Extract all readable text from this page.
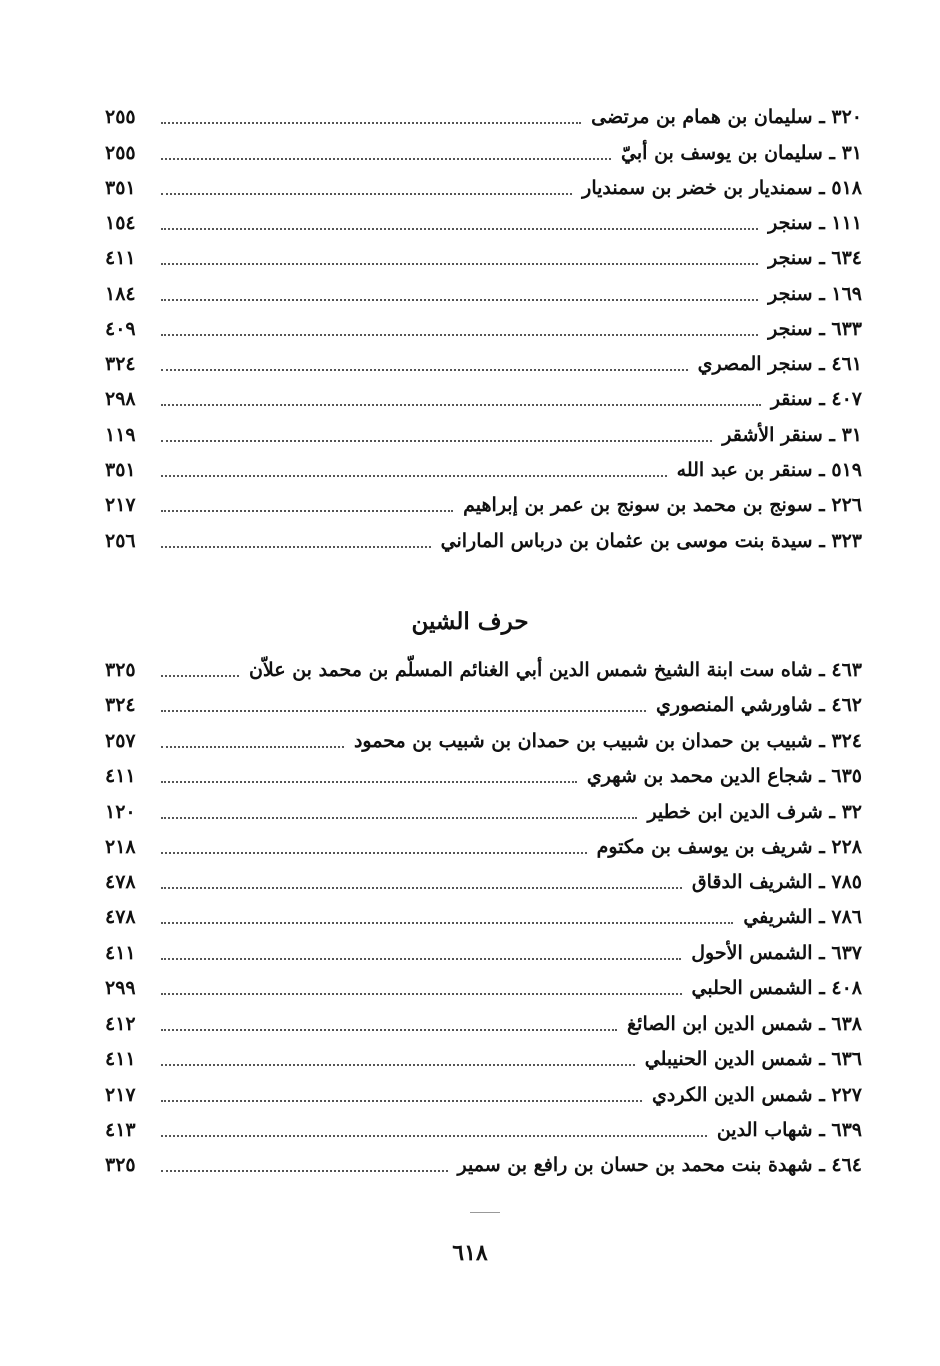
٣٢٠ ـ سليمان بن همام بن مرتضى
٢٥٥
٣١ ـ سليمان بن يوسف بن أبيّ
٢٥٥
٥١٨ ـ سمنديار بن خضر بن سمنديار
٣٥١
١١١ ـ سنجر
١٥٤
٦٣٤ ـ سنجر
٤١١
١٦٩ ـ سنجر
١٨٤
٦٣٣ ـ سنجر
٤٠٩
٤٦١ ـ سنجر المصري
٣٢٤
٤٠٧ ـ سنقر
٢٩٨
٣١ ـ سنقر الأشقر
١١٩
٥١٩ ـ سنقر بن عبد الله
٣٥١
٢٢٦ ـ سونج بن محمد بن سونج بن عمر بن إبراهيم
٢١٧
٣٢٣ ـ سيدة بنت موسى بن عثمان بن درباس الماراني
٢٥٦
حرف الشين
٤٦٣ ـ شاه ست ابنة الشيخ شمس الدين أبي الغنائم المسلّم بن محمد بن علاّن
٣٢٥
٤٦٢ ـ شاورشي المنصوري
٣٢٤
٣٢٤ ـ شبيب بن حمدان بن شبيب بن حمدان بن شبيب بن محمود
٢٥٧
٦٣٥ ـ شجاع الدين محمد بن شهري
٤١١
٣٢ ـ شرف الدين ابن خطير
١٢٠
٢٢٨ ـ شريف بن يوسف بن مكتوم
٢١٨
٧٨٥ ـ الشريف الدقاق
٤٧٨
٧٨٦ ـ الشريفي
٤٧٨
٦٣٧ ـ الشمس الأحول
٤١١
٤٠٨ ـ الشمس الحلبي
٢٩٩
٦٣٨ ـ شمس الدين ابن الصائغ
٤١٢
٦٣٦ ـ شمس الدين الحنيبلي
٤١١
٢٢٧ ـ شمس الدين الكردي
٢١٧
٦٣٩ ـ شهاب الدين
٤١٣
٤٦٤ ـ شهدة بنت محمد بن حسان بن رافع بن سمير
٣٢٥
٦١٨
